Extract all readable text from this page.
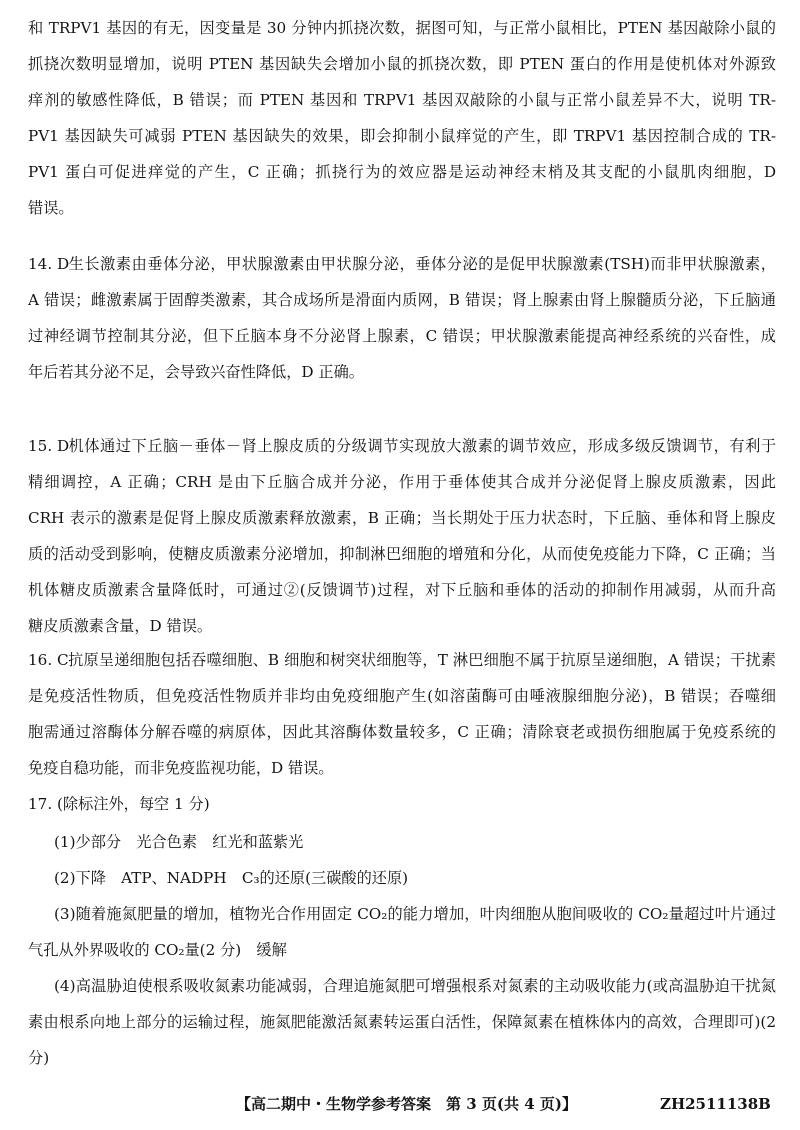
和 TRPV1 基因的有无，因变量是 30 分钟内抓挠次数，据图可知，与正常小鼠相比，PTEN 基因敲除小鼠的
抓挠次数明显增加，说明 PTEN 基因缺失会增加小鼠的抓挠次数，即 PTEN 蛋白的作用是使机体对外源致
痒剂的敏感性降低，B 错误；而 PTEN 基因和 TRPV1 基因双敲除的小鼠与正常小鼠差异不大，说明 TR-
PV1 基因缺失可减弱 PTEN 基因缺失的效果，即会抑制小鼠痒觉的产生，即 TRPV1 基因控制合成的 TR-
PV1 蛋白可促进痒觉的产生，C 正确；抓挠行为的效应器是运动神经末梢及其支配的小鼠肌肉细胞，D
错误。
14. D生长激素由垂体分泌，甲状腺激素由甲状腺分泌，垂体分泌的是促甲状腺激素(TSH)而非甲状腺激素，
A 错误；雌激素属于固醇类激素，其合成场所是滑面内质网，B 错误；肾上腺素由肾上腺髓质分泌，下丘脑通
过神经调节控制其分泌，但下丘脑本身不分泌肾上腺素，C 错误；甲状腺激素能提高神经系统的兴奋性，成
年后若其分泌不足，会导致兴奋性降低，D 正确。
15. D机体通过下丘脑－垂体－肾上腺皮质的分级调节实现放大激素的调节效应，形成多级反馈调节，有利于
精细调控，A 正确；CRH 是由下丘脑合成并分泌，作用于垂体使其合成并分泌促肾上腺皮质激素，因此
CRH 表示的激素是促肾上腺皮质激素释放激素，B 正确；当长期处于压力状态时，下丘脑、垂体和肾上腺皮
质的活动受到影响，使糖皮质激素分泌增加，抑制淋巴细胞的增殖和分化，从而使免疫能力下降，C 正确；当
机体糖皮质激素含量降低时，可通过②(反馈调节)过程，对下丘脑和垂体的活动的抑制作用减弱，从而升高
糖皮质激素含量，D 错误。
16. C抗原呈递细胞包括吞噬细胞、B 细胞和树突状细胞等，T 淋巴细胞不属于抗原呈递细胞，A 错误；干扰素
是免疫活性物质，但免疫活性物质并非均由免疫细胞产生(如溶菌酶可由唾液腺细胞分泌)，B 错误；吞噬细
胞需通过溶酶体分解吞噬的病原体，因此其溶酶体数量较多，C 正确；清除衰老或损伤细胞属于免疫系统的
免疫自稳功能，而非免疫监视功能，D 错误。
17. (除标注外，每空 1 分)
(1)少部分　光合色素　红光和蓝紫光
(2)下降　ATP、NADPH　C₃的还原(三碳酸的还原)
(3)随着施氮肥量的增加，植物光合作用固定 CO₂的能力增加，叶肉细胞从胞间吸收的 CO₂量超过叶片通过
气孔从外界吸收的 CO₂量(2 分)　缓解
(4)高温胁迫使根系吸收氮素功能减弱，合理追施氮肥可增强根系对氮素的主动吸收能力(或高温胁迫干扰氮
素由根系向地上部分的运输过程，施氮肥能激活氮素转运蛋白活性，保障氮素在植株体内的高效，合理即可)(2
分)
【高二期中・生物学参考答案　第 3 页(共 4 页)】	ZH2511138B
